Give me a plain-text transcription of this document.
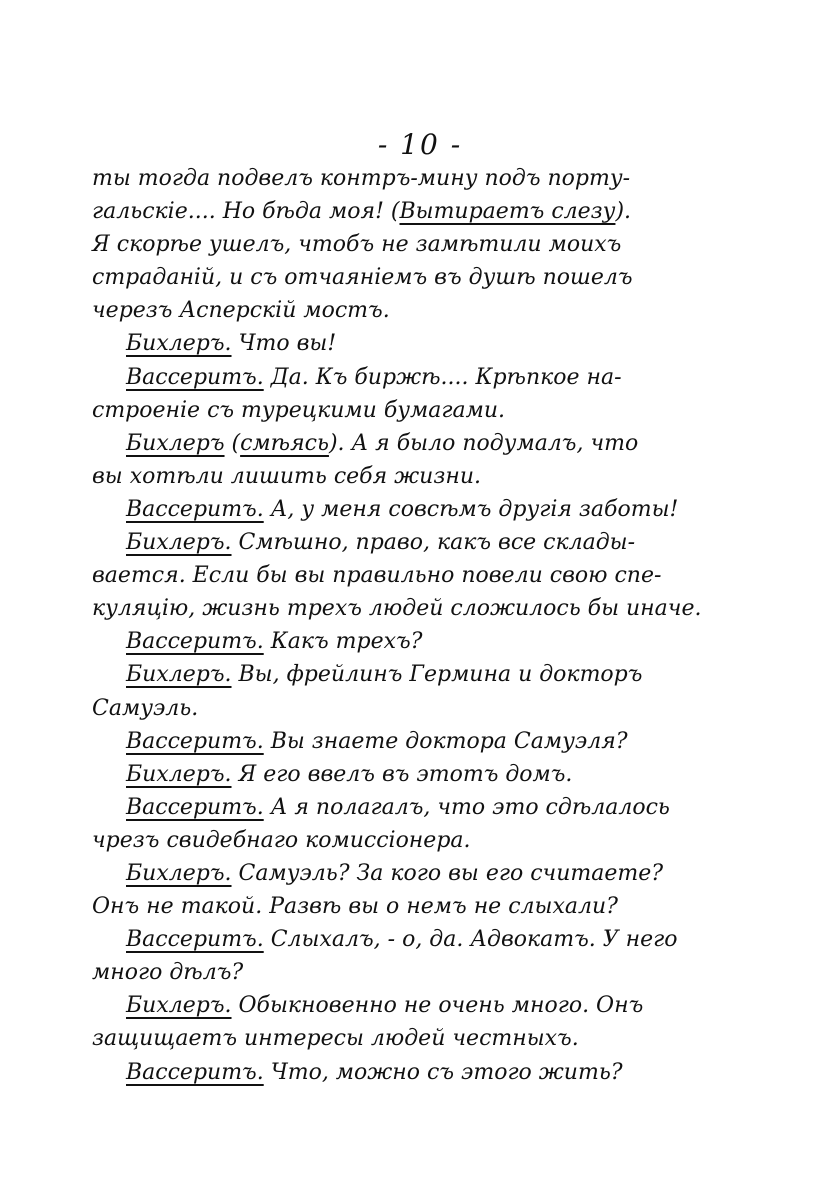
- 10 -
ты тогда подвелъ контръ-мину подъ порту-
гальскіе.... Но бѣда моя! (Вытираетъ слезу).
Я скорѣе ушелъ, чтобъ не замѣтили моихъ
страданій, и съ отчаяніемъ въ душѣ пошелъ
черезъ Асперскій мостъ.
Бихлеръ. Что вы!
Вассеритъ. Да. Къ биржѣ.... Крѣпкое на-
строеніе съ турецкими бумагами.
Бихлеръ (смѣясь). А я было подумалъ, что
вы хотѣли лишить себя жизни.
Вассеритъ. А, у меня совсѣмъ другія заботы!
Бихлеръ. Смѣшно, право, какъ все склады-
вается. Если бы вы правильно повели свою спе-
куляцію, жизнь трехъ людей сложилось бы иначе.
Вассеритъ. Какъ трехъ?
Бихлеръ. Вы, фрейлинъ Гермина и докторъ
Самуэль.
Вассеритъ. Вы знаете доктора Самуэля?
Бихлеръ. Я его ввелъ въ этотъ домъ.
Вассеритъ. А я полагалъ, что это сдѣлалось
чрезъ свидебнаго комиссіонера.
Бихлеръ. Самуэль? За кого вы его считаете?
Онъ не такой. Развѣ вы о немъ не слыхали?
Вассеритъ. Слыхалъ, - о, да. Адвокатъ. У него
много дѣлъ?
Бихлеръ. Обыкновенно не очень много. Онъ
защищаетъ интересы людей честныхъ.
Вассеритъ. Что, можно съ этого жить?
